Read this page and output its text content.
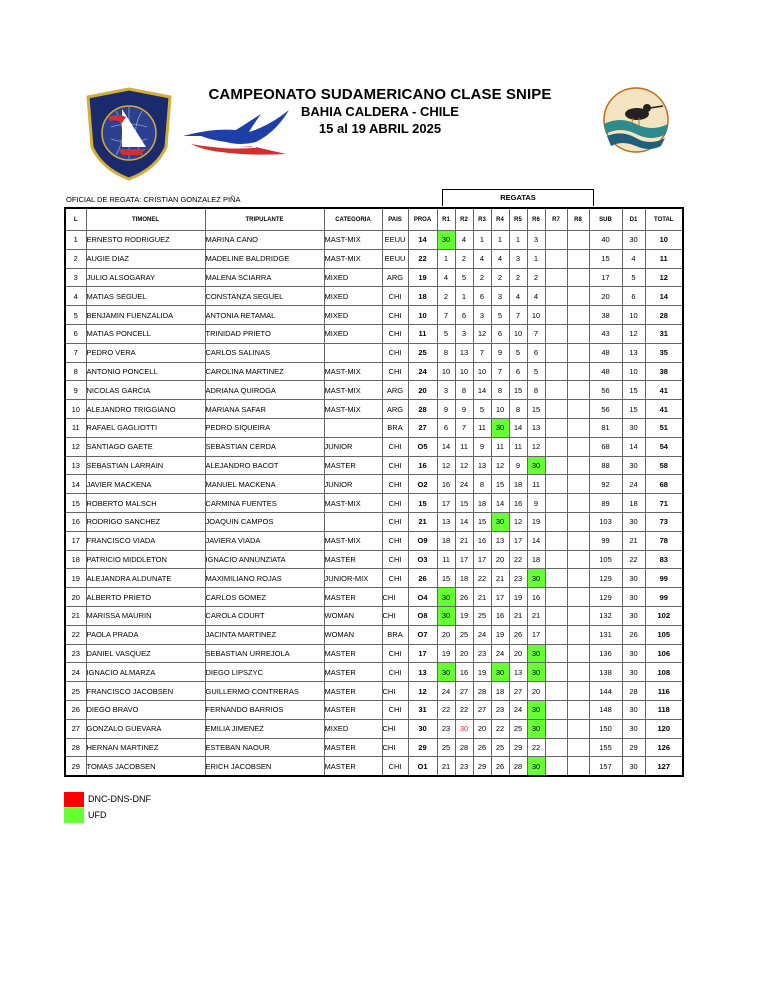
CAMPEONATO SUDAMERICANO CLASE SNIPE
BAHIA CALDERA - CHILE
15 al 19 ABRIL 2025
OFICIAL DE REGATA: CRISTIAN GONZALEZ PIÑA	REGATAS
L	TIMONEL	TRIPULANTE	CATEGORIA	PAIS	PROA	R1	R2	R3	R4	R5	R6	R7	R8	SUB	D1	TOTAL
1	ERNESTO RODRIGUEZ	MARINA CANO	MAST-MIX	EEUU	14	30	4	1	1	1	3			40	30	10
2	AUGIE DIAZ	MADELINE BALDRIDGE	MAST-MIX	EEUU	22	1	2	4	4	3	1			15	4	11
3	JULIO ALSOGARAY	MALENA SCIARRA	MIXED	ARG	19	4	5	2	2	2	2			17	5	12
4	MATIAS SEGUEL	CONSTANZA SEGUEL	MIXED	CHI	18	2	1	6	3	4	4			20	6	14
5	BENJAMIN FUENZALIDA	ANTONIA RETAMAL	MIXED	CHI	10	7	6	3	5	7	10			38	10	28
6	MATIAS PONCELL	TRINIDAD PRIETO	MIXED	CHI	11	5	3	12	6	10	7			43	12	31
7	PEDRO VERA	CARLOS SALINAS		CHI	25	8	13	7	9	5	6			48	13	35
8	ANTONIO PONCELL	CAROLINA MARTINEZ	MAST-MIX	CHI	24	10	10	10	7	6	5			48	10	38
9	NICOLAS GARCIA	ADRIANA QUIROGA	MAST-MIX	ARG	20	3	8	14	8	15	8			56	15	41
10	ALEJANDRO TRIGGIANO	MARIANA SAFAR	MAST-MIX	ARG	28	9	9	5	10	8	15			56	15	41
11	RAFAEL GAGLIOTTI	PEDRO SIQUEIRA		BRA	27	6	7	11	30	14	13			81	30	51
12	SANTIAGO GAETE	SEBASTIAN CERDA	JUNIOR	CHI	O5	14	11	9	11	11	12			68	14	54
13	SEBASTIAN LARRAIN	ALEJANDRO BACOT	MASTER	CHI	16	12	12	13	12	9	30			88	30	58
14	JAVIER MACKENA	MANUEL MACKENA	JUNIOR	CHI	O2	16	24	8	15	18	11			92	24	68
15	ROBERTO MALSCH	CARMINA FUENTES	MAST-MIX	CHI	15	17	15	18	14	16	9			89	18	71
16	RODRIGO SANCHEZ	JOAQUIN CAMPOS		CHI	21	13	14	15	30	12	19			103	30	73
17	FRANCISCO VIADA	JAVIERA VIADA	MAST-MIX	CHI	O9	18	21	16	13	17	14			99	21	78
18	PATRICIO MIDDLETON	IGNACIO ANNUNZIATA	MASTER	CHI	O3	11	17	17	20	22	18			105	22	83
19	ALEJANDRA ALDUNATE	MAXIMILIANO ROJAS	JUNIOR-MIX	CHI	26	15	18	22	21	23	30			129	30	99
20	ALBERTO PRIETO	CARLOS GOMEZ	MASTER	CHI	O4	30	26	21	17	19	16			129	30	99
21	MARISSA MAURIN	CAROLA COURT	WOMAN	CHI	O8	30	19	25	16	21	21			132	30	102
22	PAOLA PRADA	JACINTA MARTINEZ	WOMAN	BRA	O7	20	25	24	19	26	17			131	26	105
23	DANIEL VASQUEZ	SEBASTIAN URREJOLA	MASTER	CHI	17	19	20	23	24	20	30			136	30	106
24	IGNACIO ALMARZA	DIEGO LIPSZYC	MASTER	CHI	13	30	16	19	30	13	30			138	30	108
25	FRANCISCO JACOBSEN	GUILLERMO CONTRERAS	MASTER	CHI	12	24	27	28	18	27	20			144	28	116
26	DIEGO BRAVO	FERNANDO BARRIOS	MASTER	CHI	31	22	22	27	23	24	30			148	30	118
27	GONZALO GUEVARA	EMILIA JIMENEZ	MIXED	CHI	30	23	30	20	22	25	30			150	30	120
28	HERNAN MARTINEZ	ESTEBAN NAOUR	MASTER	CHI	29	25	28	26	25	29	22			155	29	126
29	TOMAS JACOBSEN	ERICH JACOBSEN	MASTER	CHI	O1	21	23	29	26	28	30			157	30	127
DNC-DNS-DNF
UFD
